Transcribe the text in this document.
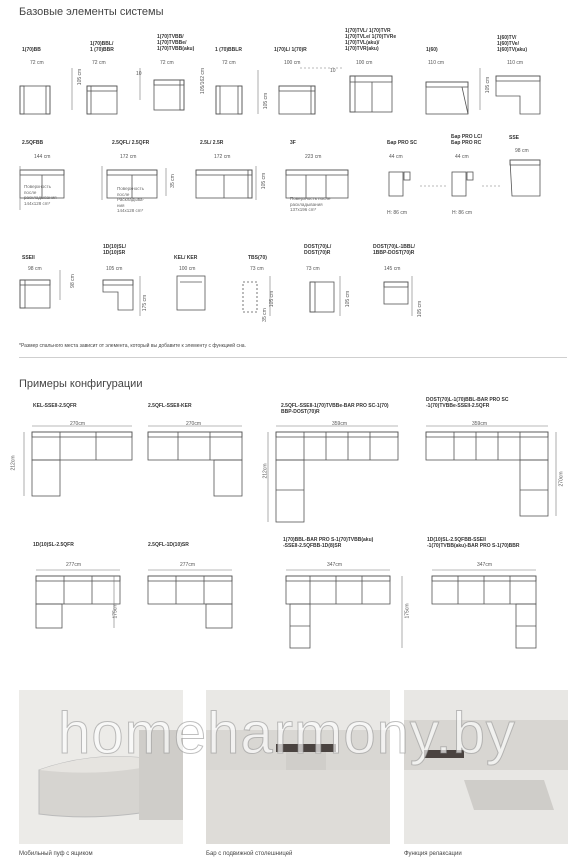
Базовые элементы системы
1(70)BB
1(70)BBL/
1 (70)BBR
1(70)TVBB/
1(70)TVBBe/
1(70)TVBB(aku)	1 (70)BBLR	1(70)L/ 1(70)R
1(70)TVL/ 1(70)TVR
1(70)TVLe/ 1(70)TVRe
1(70)TVL(aku)/
1(70)TVR(aku)	1(60)
1(60)TV/
1(60)TVe/
1(60)TV(aku)
72 cm	72 cm	72 cm	72 cm	100 cm	100 cm	110 cm	110 cm
105 cm	105/162 cm
10
105 cm
10
105 cm
2.5QFBB	2.5QFL/ 2.5QFR	2.5L/ 2.5R	3F	Бар PRO SC
Бар PRO LC/
Бар PRO RC
SSE
144 cm	172 cm	172 cm	223 cm	44 cm	44 cm
98 cm
105 cm
35 cm
Поверхность
после
раскладывания
144x128 cm*
Поверхность
после
Раскладыва-
ния
144x128 cm*
Поверхность после
раскладывания
137x196 cm*
H: 86 cm	H: 86 cm
SSEII
1D(10)SL/
1D(10)SR
KEL/ KER	TBS(70)
DOST(70)L/
DOST(70)R
DOST(70)L-1BBL/
1BBP-DOST(70)R
98 cm
98 cm
105 cm
175 cm
100 cm	73 cm
35 cm
105 cm
73 cm
105 cm
145 cm
105 cm
*Размер спального места зависит от элемента, который вы добавите к элементу с функцией сна.
Примеры конфигурации
KEL-SSEII-2.5QFR	2.5QFL-SSEII-KER	2.5QFL-SSEII-1(70)TVBBe-BAR PRO SC-1(70)
BBP-DOST(70)R
DOST(70)L-1(70)BBL-BAR PRO SC
-1(70)TVBBe-SSEII-2.5QFR
270cm	270cm	359cm	359cm
212cm
212cm
270cm
1D(10)SL-2.5QFR	2.5QFL-1D(10)SR
1(70)BBL-BAR PRO S-1(70)TVBB(aku)
-SSEII-2.5QFBB-1D(8)SR
1D(10)SL-2.5QFBB-SSEII
-1(70)TVBB(aku)-BAR PRO S-1(70)BBR
277cm	277cm	347cm	347cm
175cm	175cm
Мобильный пуф с ящиком	Бар с подвижной столешницей	Функция релаксации
homeharmony.by
